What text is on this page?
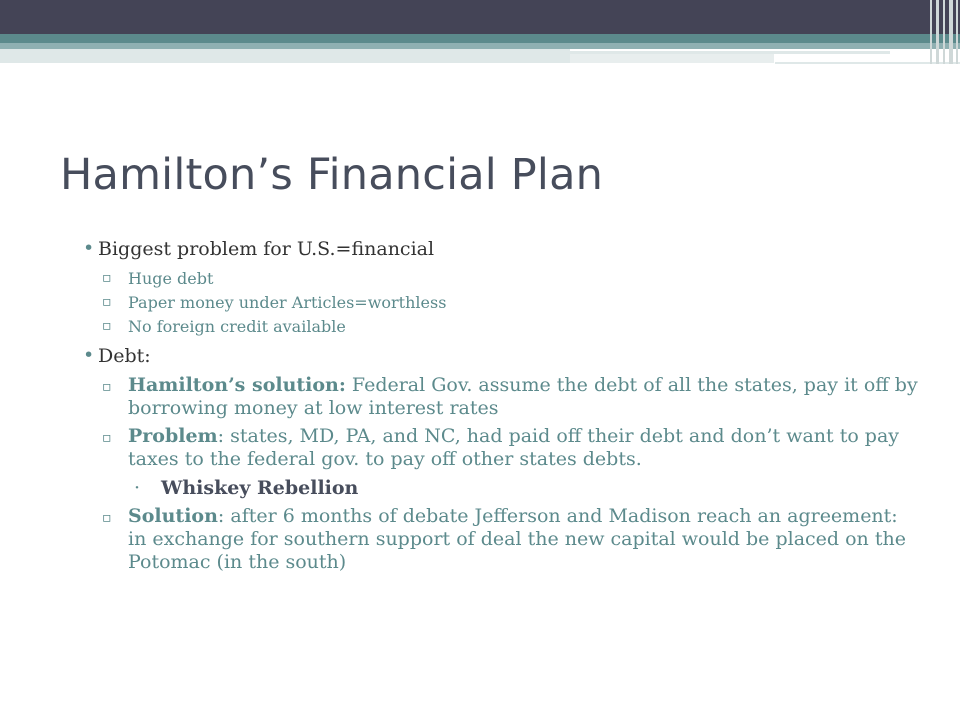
Hamilton’s Financial Plan
• Biggest problem for U.S.=financial
▫ Huge debt
▫ Paper money under Articles=worthless
▫ No foreign credit available
• Debt:
▫ Hamilton’s solution: Federal Gov. assume the debt of all the states, pay it off by borrowing money at low interest rates
▫ Problem: states, MD, PA, and NC, had paid off their debt and don’t want to pay taxes to the federal gov. to pay off other states debts.
· Whiskey Rebellion
▫ Solution: after 6 months of debate Jefferson and Madison reach an agreement: in exchange for southern support of deal the new capital would be placed on the Potomac (in the south)
